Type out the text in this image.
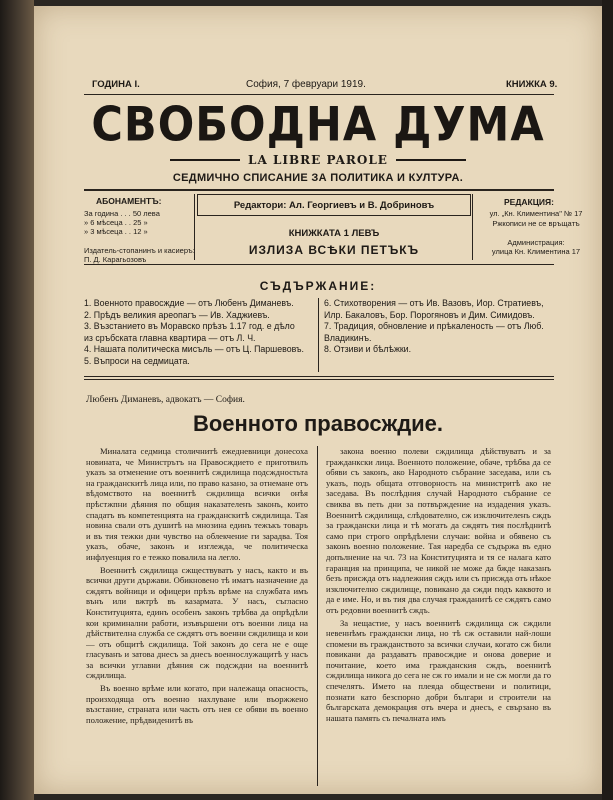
ГОДИНА I.	София, 7 февруари 1919.	КНИЖКА 9.
СВОБОДНА ДУМА
LA LIBRE PAROLE
СЕДМИЧНО СПИСАНИЕ ЗА ПОЛИТИКА И КУЛТУРА.
АБОНАМЕНТЪ:
За година . . . 50 лева
» 6 мѣсеца . . 25 »
» 3 мѣсеца . . 12 »
Издатель-стопанинъ и касиеръ: П. Д. Карагьозовъ
Редактори: Ал. Георгиевъ и В. Добриновъ
КНИЖКАТА 1 ЛЕВЪ
ИЗЛИЗА ВСѢКИ ПЕТЪКЪ
РЕДАКЦИЯ:
ул. „Кн. Климентина" № 17
Ржкописи не се връщатъ
Администрация:
улица Кн. Климентина 17
СЪДЪРЖАНИЕ:
1. Военното правосждие — отъ Любенъ Диманевъ.
2. Прѣдъ великия ареопагъ — Ив. Хаджиевъ.
3. Възстанието въ Моравско прѣзъ 1.17 год. е дѣло
из сръбската главна квартира — отъ Л. Ч.
4. Нашата политическа мисъль — отъ Ц. Паршевовъ.
5. Въпроси на седмицата.
6. Стихотворения — отъ Ив. Вазовъ, Иор. Стратиевъ,
Илр. Бакаловъ, Бор. Порогяновъ и Дим. Симидовъ.
7. Традиция, обновление и прѣкаленость — отъ Люб.
Владикинъ.
8. Отзиви и бѣлѣжки.
Любенъ Диманевъ, адвокатъ — София.
Военното правосждие.

Миналата седмица столичнитѣ ежедневници донесоха новината, че Министрътъ на Правосждието е приготвилъ указъ за отменение отъ военнитѣ сждилища подсждностьта на гражданскитѣ лица или, по право казано, за отнемане отъ вѣдомството на военнитѣ сждилища всички онѣя прѣстжпни дѣяния по общия наказателенъ законъ, които спадатъ въ компетенцията на гражданскитѣ сждилища. Тая новина свали отъ душитѣ на мнозина единъ тежъкъ товаръ и въ тия тежки дни чувство на облекчение ги зарадва. Тоя указъ, обаче, законъ и изглежда, че политическа инфлуенция го е тежко повалила на легло.

Военнитѣ сждилища сжществуватъ у насъ, както и въ всички други държави. Обикновено тѣ иматъ назначение да сждятъ войници и офицери прѣзъ врѣме на службата имъ вънъ или вжтрѣ въ казармата. У насъ, съгласно Конституцията, единъ особенъ законъ трѣбва да опрѣдѣли кои криминални работи, изъвършени отъ военни лица на дѣйствителна служба се сждятъ отъ военни сждилища и кои — отъ общитѣ сждилища. Той законъ до сега не е още гласуванъ и затова днесъ за днесъ военнослужащитѣ у насъ за всички углавни дѣяния сж подсждни на военнитѣ сждилища.

Въ военно врѣме или когато, при належаща опасность, произходяща отъ военно нахлуване или въоржжено възстание, страната или часть отъ нея се обяви въ военно положение, прѣдвиденитѣ въ

закона военно полеви сждилища дѣйствуватъ и за гражданкски лица. Военното положение, обаче, трѣбва да се обяви съ законъ, ако Народното събрание заседава, или съ указъ, подъ общата отговорность на министритѣ ако не заседава. Въ послѣдния случай Народното събрание се свиква въ петь дни за потвърждение на издадения указъ. Военнитѣ сждилища, слѣдователно, сж изключителенъ сждъ за граждански лица и тѣ могатъ да сждятъ тия послѣднитѣ само при строго опрѣдѣлени случаи: война и обявено съ законъ военно положение. Тая наредба се съдържа въ едно допълнение на чл. 73 на Конституцията и тя се налага като гаранция на принципа, че никой не може да бжде наказанъ безъ присжда отъ надлежния сждъ или съ присжда отъ нѣкое изключително сждилище, повикано да сжди подъ каквото и да е име. Но, и въ тия два случая гражданитѣ се сждятъ само отъ редовни военнитѣ сждъ.

За нещастие, у насъ военнитѣ сждилища сж сждили невеннѣмъ граждански лица, но тѣ сж оставили най-лоши спомени въ гражданството за всички случаи, когато сж били повикани да раздаватъ правосждие и онова доверие и почитание, което има гражданския сждъ, военнитѣ сждилища никога до сега не сж го имали и не сж могли да го спечелятъ. Името на плеяда обществени и политици, познати като безспорно добри българи и строители на българската демокрация отъ вчера и днесъ, е свързано въ нашата память съ печалната имъ
